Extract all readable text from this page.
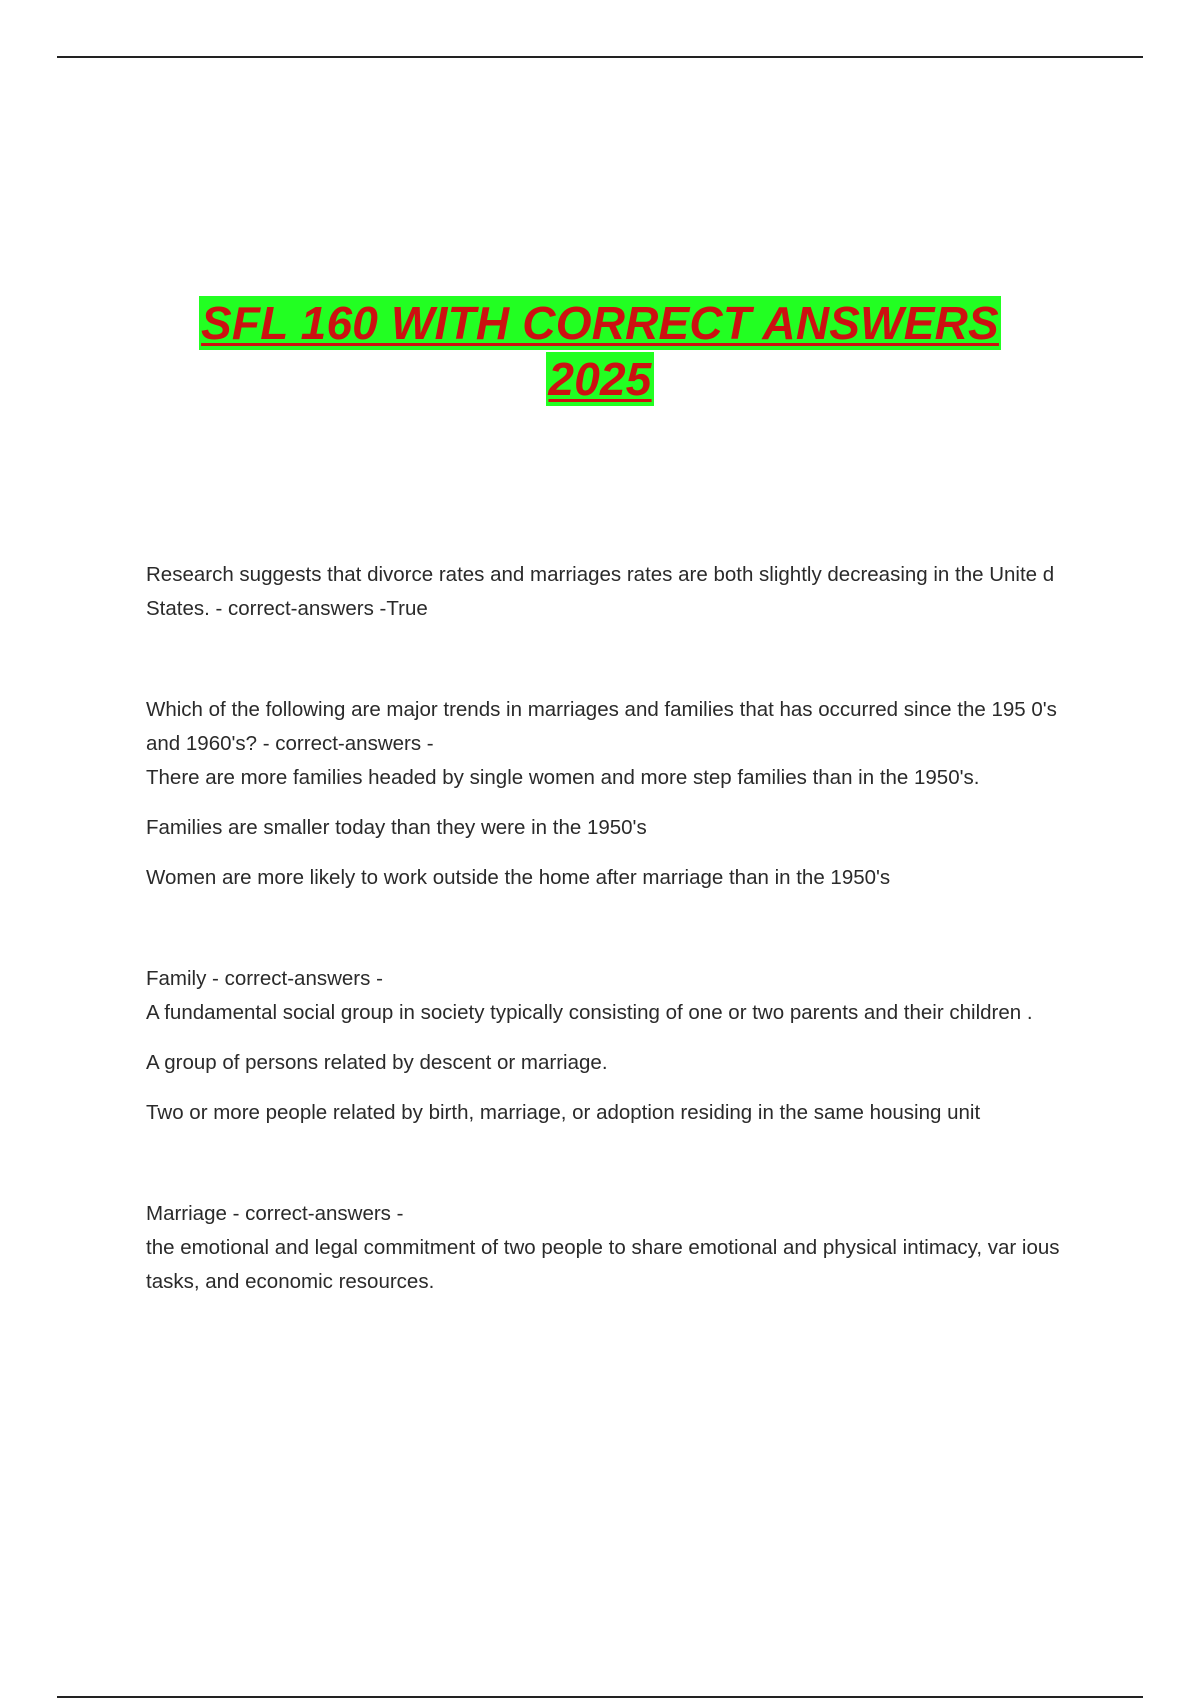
SFL 160 WITH CORRECT ANSWERS
2025

Research suggests that divorce rates and marriages rates are both slightly decreasing in the Unite d States. - correct-answers -True

Which of the following are major trends in marriages and families that has occurred since the 195 0's and 1960's? - correct-answers -

There are more families headed by single women and more step families than in the 1950's.

Families are smaller today than they were in the 1950's

Women are more likely to work outside the home after marriage than in the 1950's

Family - correct-answers -

A fundamental social group in society typically consisting of one or two parents and their children .

A group of persons related by descent or marriage.

Two or more people related by birth, marriage, or adoption residing in the same housing unit

Marriage - correct-answers -

the emotional and legal commitment of two people to share emotional and physical intimacy, var ious tasks, and economic resources.
